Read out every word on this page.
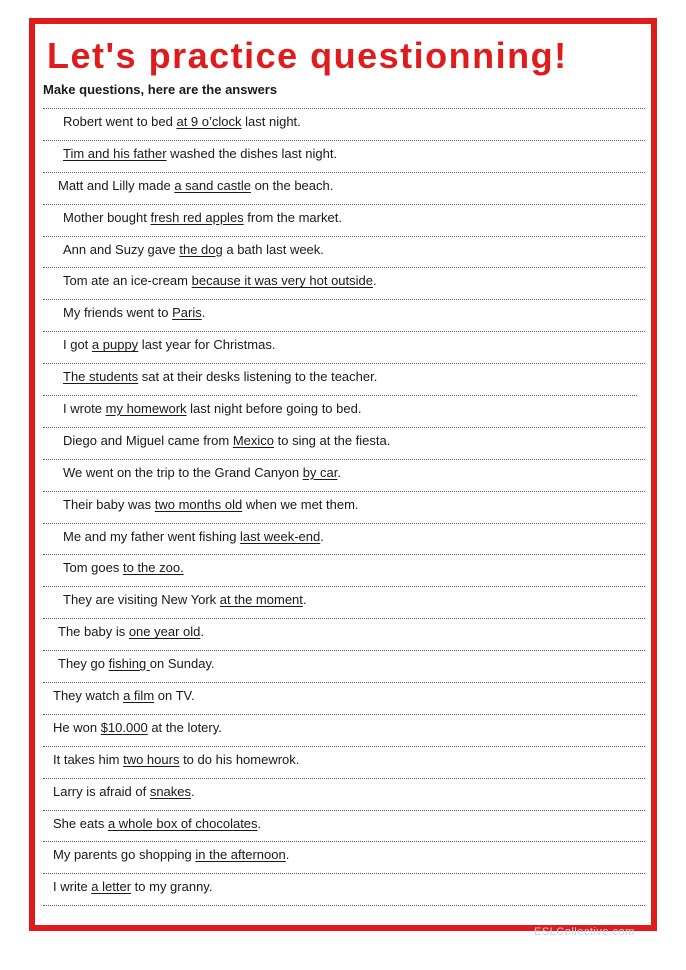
Let's practice questionning!

Make questions, here are the answers

Robert went to bed at 9 o’clock last night.
Tim and his father washed the dishes last night.
Matt and Lilly made a sand castle on the beach.
Mother bought fresh red apples from the market.
Ann and Suzy gave the dog a bath last week.
Tom ate an ice-cream because it was very hot outside.
My friends went to Paris.
I got a puppy last year for Christmas.
The students sat at their desks listening to the teacher.
I wrote my homework last night before going to bed.
Diego and Miguel came from Mexico to sing at the fiesta.
We went on the trip to the Grand Canyon by car.
Their baby was two months old when we met them.
Me and my father went fishing last week-end.
Tom goes to the zoo.
They are visiting New York at the moment.
The baby is one year old.
They go fishing on Sunday.
They watch a film on TV.
He won $10.000 at the lotery.
It takes him two hours to do his homewrok.
Larry is afraid of snakes.
She eats a whole box of chocolates.
My parents go shopping in the afternoon.
I write a letter to my granny.
ESLCollective.com
